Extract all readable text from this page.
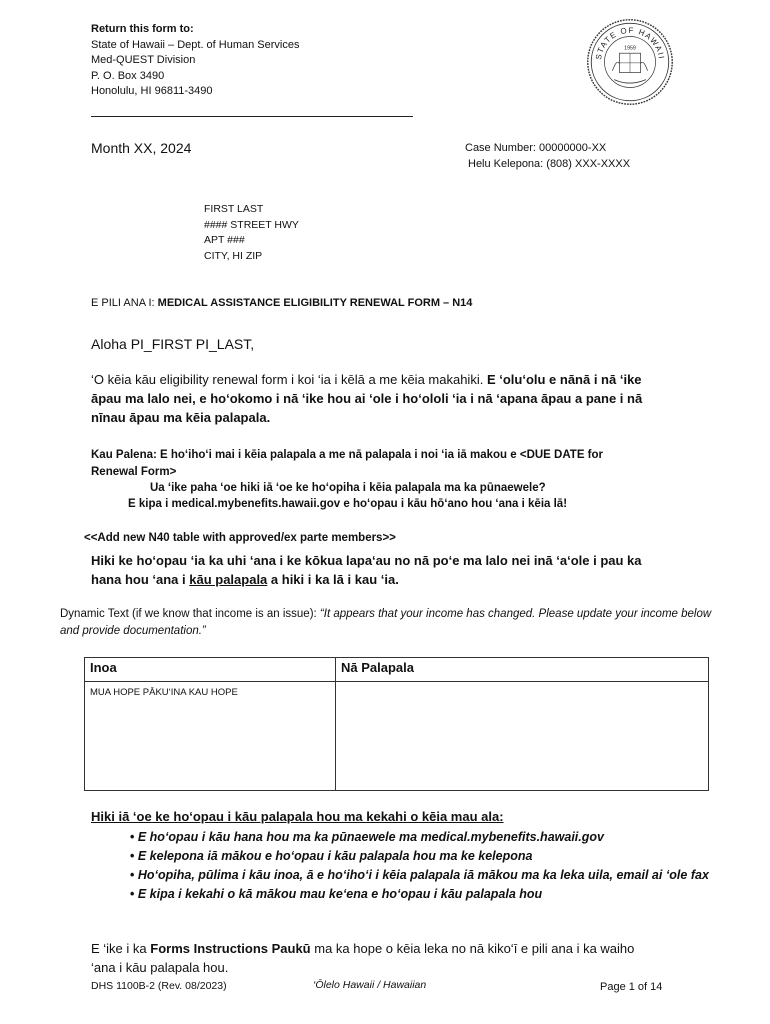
Return this form to:
State of Hawaii – Dept. of Human Services
Med-QUEST Division
P. O. Box 3490
Honolulu, HI 96811-3490
STATE OF HAWAII
1959
Month XX, 2024	Case Number: 00000000-XX
Helu Kelepona: (808) XXX-XXXX
FIRST LAST
#### STREET HWY
APT ###
CITY, HI ZIP
E PILI ANA I: MEDICAL ASSISTANCE ELIGIBILITY RENEWAL FORM – N14
Aloha PI_FIRST PI_LAST,
‘O kēia kāu eligibility renewal form i koi ‘ia i kēlā a me kēia makahiki. E ‘olu‘olu e nānā i nā ‘ike āpau ma lalo nei, e ho‘okomo i nā ‘ike hou ai ‘ole i ho‘ololi ‘ia i nā ‘apana āpau a pane i nā nīnau āpau ma kēia palapala.
Kau Palena: E ho‘iho‘i mai i kēia palapala a me nā palapala i noi ‘ia iā makou e <DUE DATE for Renewal Form>
Ua ‘ike paha ‘oe hiki iā ‘oe ke ho‘opiha i kēia palapala ma ka pūnaewele?
E kipa i medical.mybenefits.hawaii.gov e ho‘opau i kāu hō‘ano hou ‘ana i kēia lā!
<<Add new N40 table with approved/ex parte members>>
Hiki ke ho‘opau ‘ia ka uhi ‘ana i ke kōkua lapa‘au no nā po‘e ma lalo nei inā ‘a‘ole i pau ka hana hou ‘ana i kāu palapala a hiki i ka lā i kau ‘ia.
Dynamic Text (if we know that income is an issue): “It appears that your income has changed. Please update your income below and provide documentation.”
Inoa	Nā Palapala
MUA HOPE PĀKU‘INA KAU HOPE	
Hiki iā ‘oe ke ho‘opau i kāu palapala hou ma kekahi o kēia mau ala:
• E ho‘opau i kāu hana hou ma ka pūnaewele ma medical.mybenefits.hawaii.gov
• E kelepona iā mākou e ho‘opau i kāu palapala hou ma ke kelepona
• Ho‘opiha, pūlima i kāu inoa, ā e ho‘iho‘i i kēia palapala iā mākou ma ka leka uila, email ai ‘ole fax
• E kipa i kekahi o kā mākou mau ke‘ena e ho‘opau i kāu palapala hou
E ‘ike i ka Forms Instructions Paukū ma ka hope o kēia leka no nā kiko‘ī e pili ana i ka waiho ‘ana i kāu palapala hou.
DHS 1100B-2 (Rev. 08/2023)	‘Ōlelo Hawaii / Hawaiian	Page 1 of 14
